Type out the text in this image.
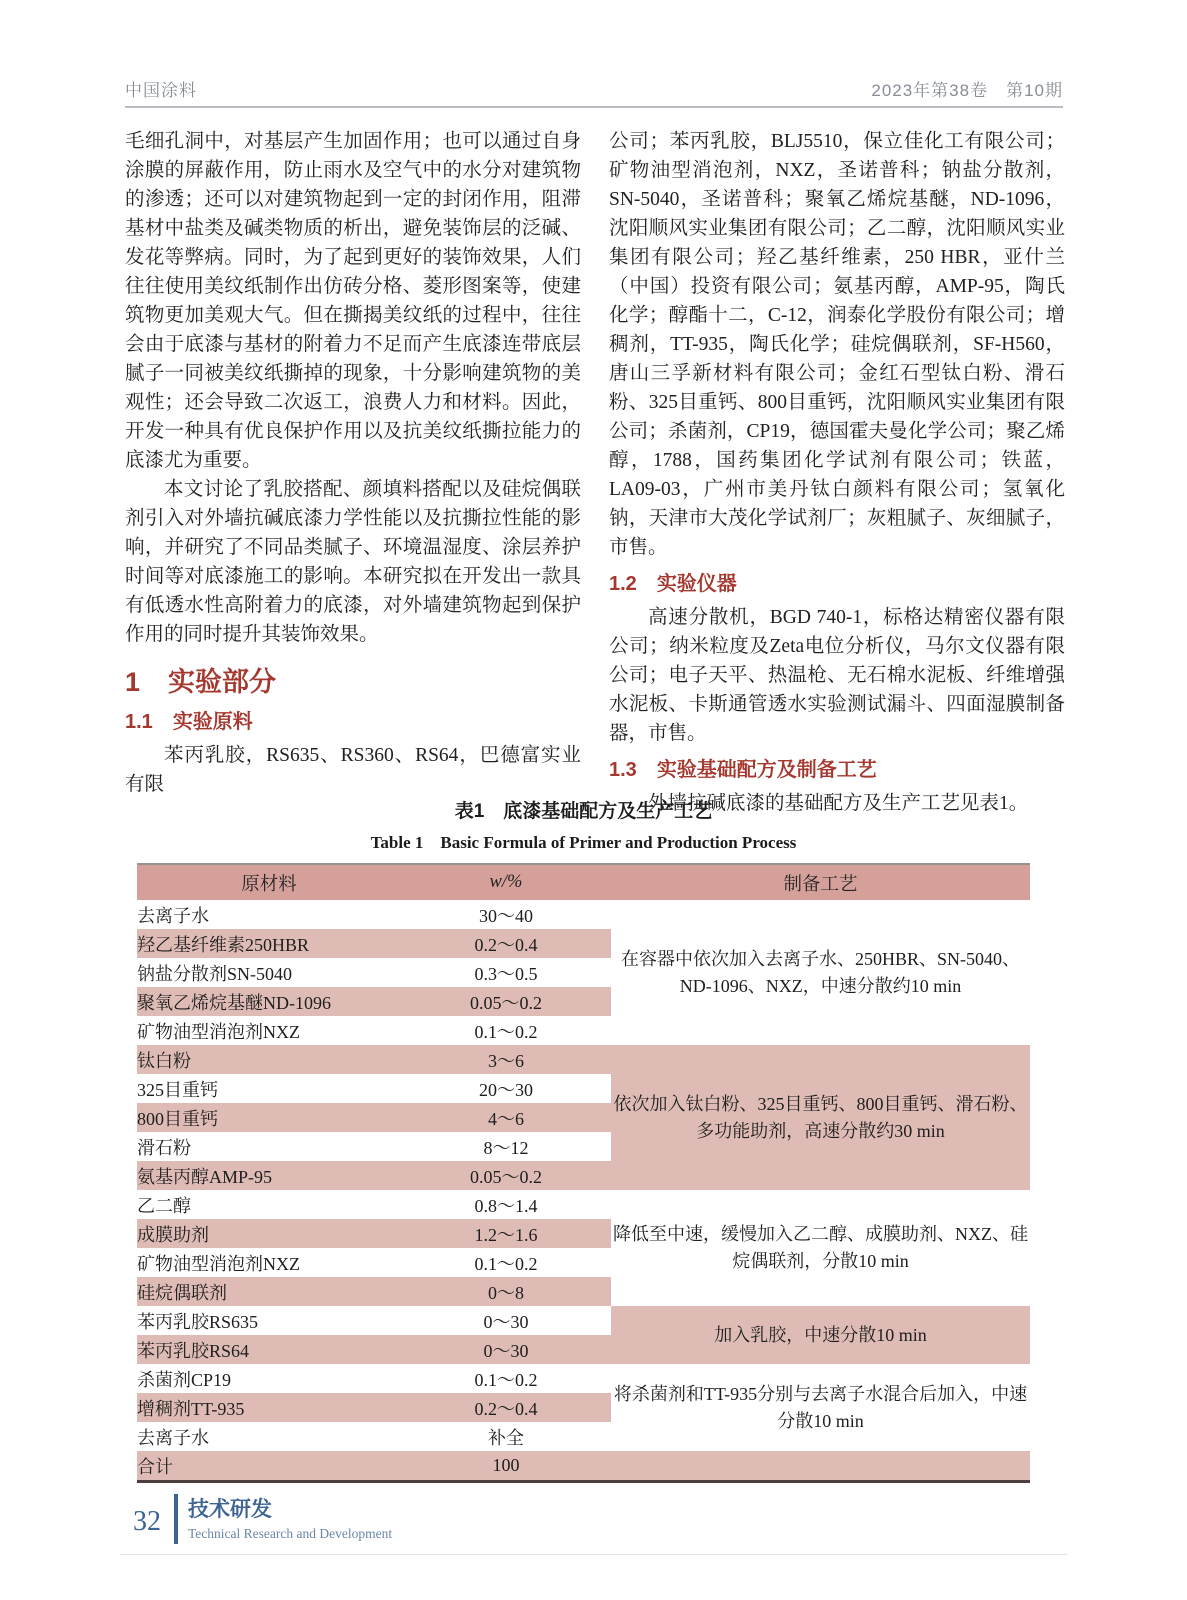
中国涂料	2023年第38卷　第10期

毛细孔洞中，对基层产生加固作用；也可以通过自身涂膜的屏蔽作用，防止雨水及空气中的水分对建筑物的渗透；还可以对建筑物起到一定的封闭作用，阻滞基材中盐类及碱类物质的析出，避免装饰层的泛碱、发花等弊病。同时，为了起到更好的装饰效果，人们往往使用美纹纸制作出仿砖分格、菱形图案等，使建筑物更加美观大气。但在撕揭美纹纸的过程中，往往会由于底漆与基材的附着力不足而产生底漆连带底层腻子一同被美纹纸撕掉的现象，十分影响建筑物的美观性；还会导致二次返工，浪费人力和材料。因此，开发一种具有优良保护作用以及抗美纹纸撕拉能力的底漆尤为重要。

本文讨论了乳胶搭配、颜填料搭配以及硅烷偶联剂引入对外墙抗碱底漆力学性能以及抗撕拉性能的影响，并研究了不同品类腻子、环境温湿度、涂层养护时间等对底漆施工的影响。本研究拟在开发出一款具有低透水性高附着力的底漆，对外墙建筑物起到保护作用的同时提升其装饰效果。

1 实验部分
1.1 实验原料

苯丙乳胶，RS635、RS360、RS64，巴德富实业有限

公司；苯丙乳胶，BLJ5510，保立佳化工有限公司；矿物油型消泡剂，NXZ，圣诺普科；钠盐分散剂，SN-5040，圣诺普科；聚氧乙烯烷基醚，ND-1096，沈阳顺风实业集团有限公司；乙二醇，沈阳顺风实业集团有限公司；羟乙基纤维素，250 HBR，亚什兰（中国）投资有限公司；氨基丙醇，AMP-95，陶氏化学；醇酯十二，C-12，润泰化学股份有限公司；增稠剂，TT-935，陶氏化学；硅烷偶联剂，SF-H560，唐山三孚新材料有限公司；金红石型钛白粉、滑石粉、325目重钙、800目重钙，沈阳顺风实业集团有限公司；杀菌剂，CP19，德国霍夫曼化学公司；聚乙烯醇，1788，国药集团化学试剂有限公司；铁蓝，LA09-03，广州市美丹钛白颜料有限公司；氢氧化钠，天津市大茂化学试剂厂；灰粗腻子、灰细腻子，市售。

1.2 实验仪器

高速分散机，BGD 740-1，标格达精密仪器有限公司；纳米粒度及Zeta电位分析仪，马尔文仪器有限公司；电子天平、热温枪、无石棉水泥板、纤维增强水泥板、卡斯通管透水实验测试漏斗、四面湿膜制备器，市售。

1.3 实验基础配方及制备工艺

外墙抗碱底漆的基础配方及生产工艺见表1。

表1　底漆基础配方及生产工艺
Table 1　Basic Formula of Primer and Production Process
原材料	w/%	制备工艺
去离子水	30～40	在容器中依次加入去离子水、250HBR、SN-5040、ND-1096、NXZ，中速分散约10 min
羟乙基纤维素250HBR	0.2～0.4	
钠盐分散剂SN-5040	0.3～0.5	
聚氧乙烯烷基醚ND-1096	0.05～0.2	
矿物油型消泡剂NXZ	0.1～0.2	
钛白粉	3～6	依次加入钛白粉、325目重钙、800目重钙、滑石粉、多功能助剂，高速分散约30 min
325目重钙	20～30	
800目重钙	4～6	
滑石粉	8～12	
氨基丙醇AMP-95	0.05～0.2	
乙二醇	0.8～1.4	降低至中速，缓慢加入乙二醇、成膜助剂、NXZ、硅烷偶联剂，分散10 min
成膜助剂	1.2～1.6	
矿物油型消泡剂NXZ	0.1～0.2	
硅烷偶联剂	0～8	
苯丙乳胶RS635	0～30	加入乳胶，中速分散10 min
苯丙乳胶RS64	0～30	
杀菌剂CP19	0.1～0.2	将杀菌剂和TT-935分别与去离子水混合后加入，中速分散10 min
增稠剂TT-935	0.2～0.4	
去离子水	补全	
合计	100	
32 技术研发
Technical Research and Development
